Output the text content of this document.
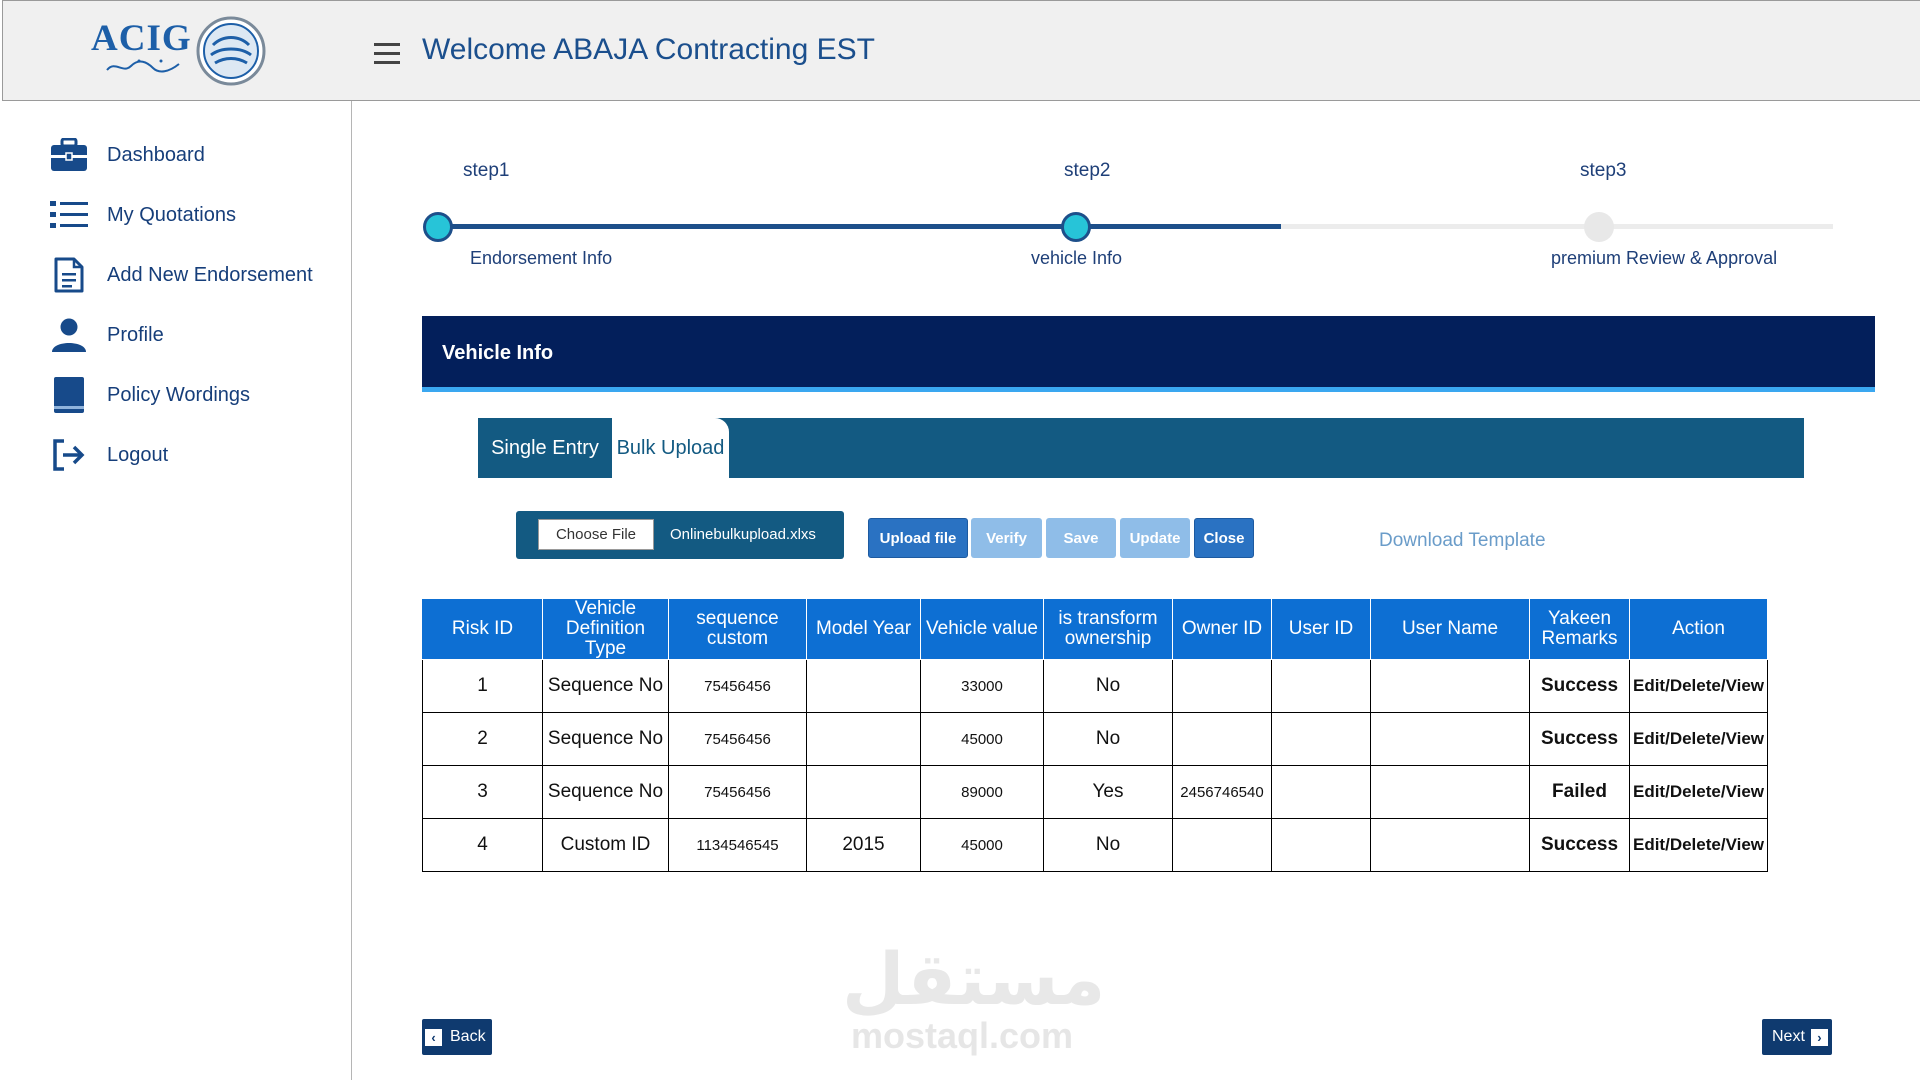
ACIG	Welcome ABAJA Contracting EST
Dashboard
My Quotations
Add New Endorsement
Profile
Policy Wordings
Logout
step1	step2	step3
Endorsement Info	vehicle Info	premium Review & Approval
Vehicle Info
Single Entry Bulk Upload
Choose File	Onlinebulkupload.xlxs	Upload file	Verify	Save	Update	Close	Download Template
Risk ID	Vehicle Definition Type	sequence custom	Model Year	Vehicle value	is transform ownership	Owner ID	User ID	User Name	Yakeen Remarks	Action
1	Sequence No	75456456		33000	No				Success	Edit/Delete/View
2	Sequence No	75456456		45000	No				Success	Edit/Delete/View
3	Sequence No	75456456		89000	Yes	2456746540			Failed	Edit/Delete/View
4	Custom ID	1134546545	2015	45000	No				Success	Edit/Delete/View
مستقل
mostaql.com
‹ Back	Next ›
